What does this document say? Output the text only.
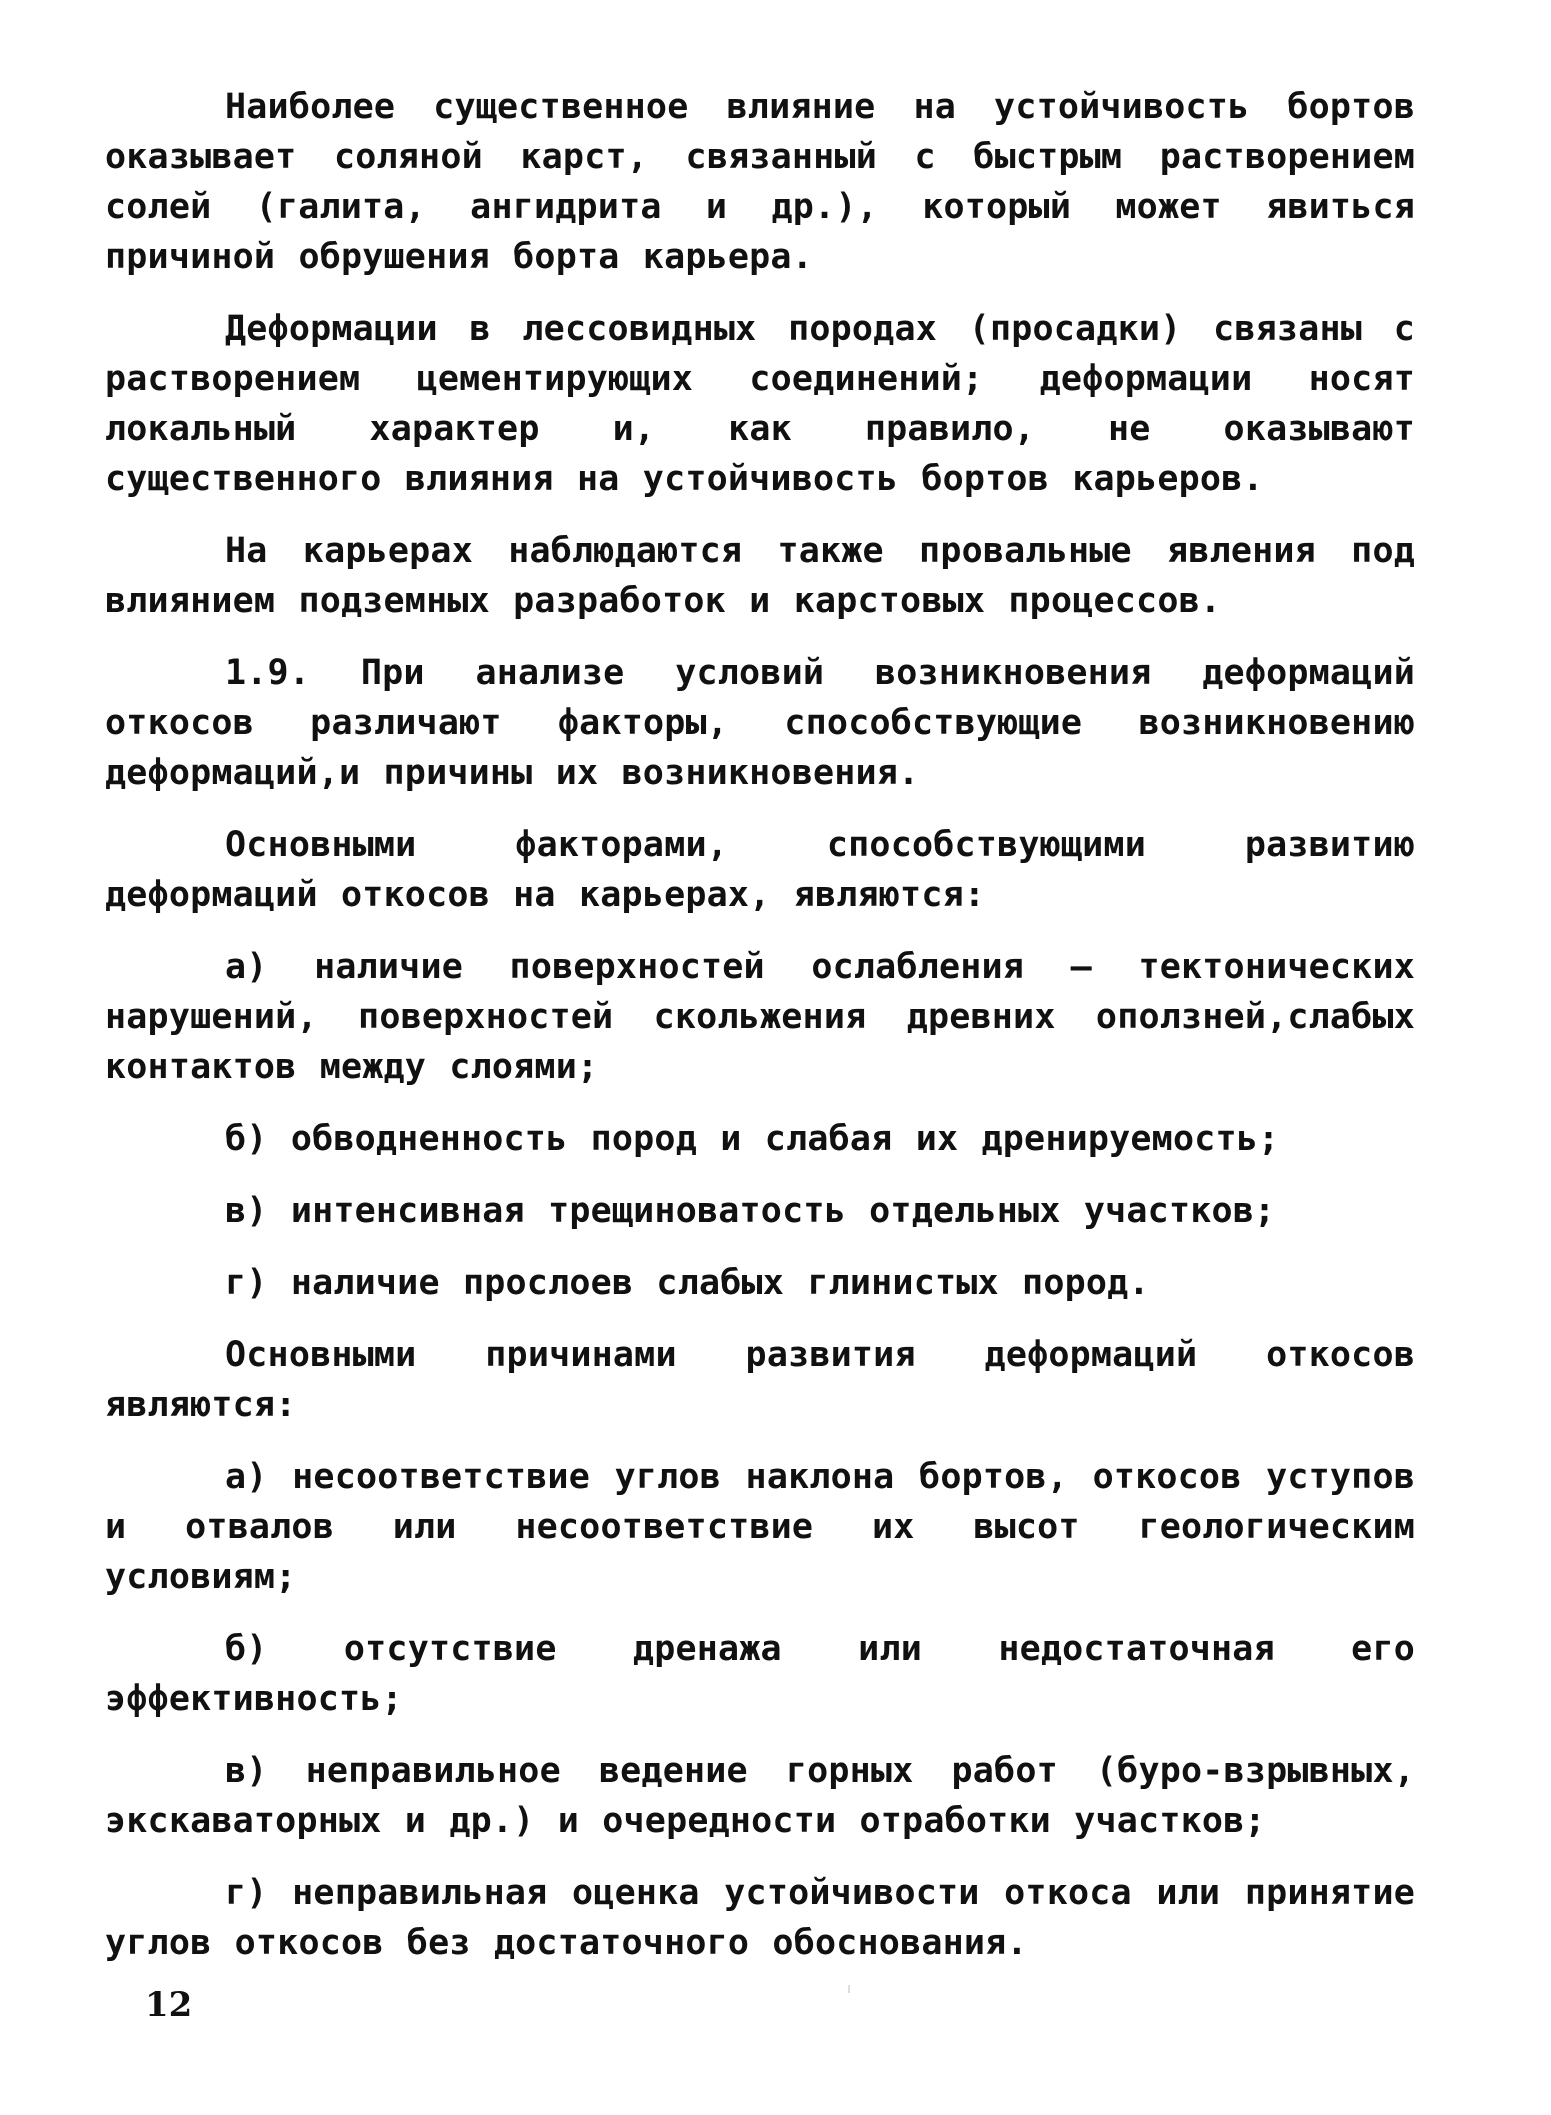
Наиболее существенное влияние на устойчивость бортов оказывает соляной карст, связанный с быстрым растворением солей (галита, ангидрита и др.), который может явиться причиной обрушения борта карьера.

Деформации в лессовидных породах (просадки) связаны с растворением цементирующих соединений; деформации носят локальный характер и, как правило, не оказывают существенного влияния на устойчивость бортов карьеров.

На карьерах наблюдаются также провальные явления под влиянием подземных разработок и карстовых процессов.

1.9. При анализе условий возникновения деформаций откосов различают факторы, способствующие возникновению деформаций,и причины их возникновения.

Основными факторами, способствующими развитию деформаций откосов на карьерах, являются:

а) наличие поверхностей ослабления – тектонических нарушений, поверхностей скольжения древних оползней,слабых контактов между слоями;

б) обводненность пород и слабая их дренируемость;

в) интенсивная трещиноватость отдельных участков;

г) наличие прослоев слабых глинистых пород.

Основными причинами развития деформаций откосов являются:

а) несоответствие углов наклона бортов, откосов уступов и отвалов или несоответствие их высот геологическим условиям;

б) отсутствие дренажа или недостаточная его эффективность;

в) неправильное ведение горных работ (буро-взрывных, экскаваторных и др.) и очередности отработки участков;

г) неправильная оценка устойчивости откоса или принятие углов откосов без достаточного обоснования.

12
